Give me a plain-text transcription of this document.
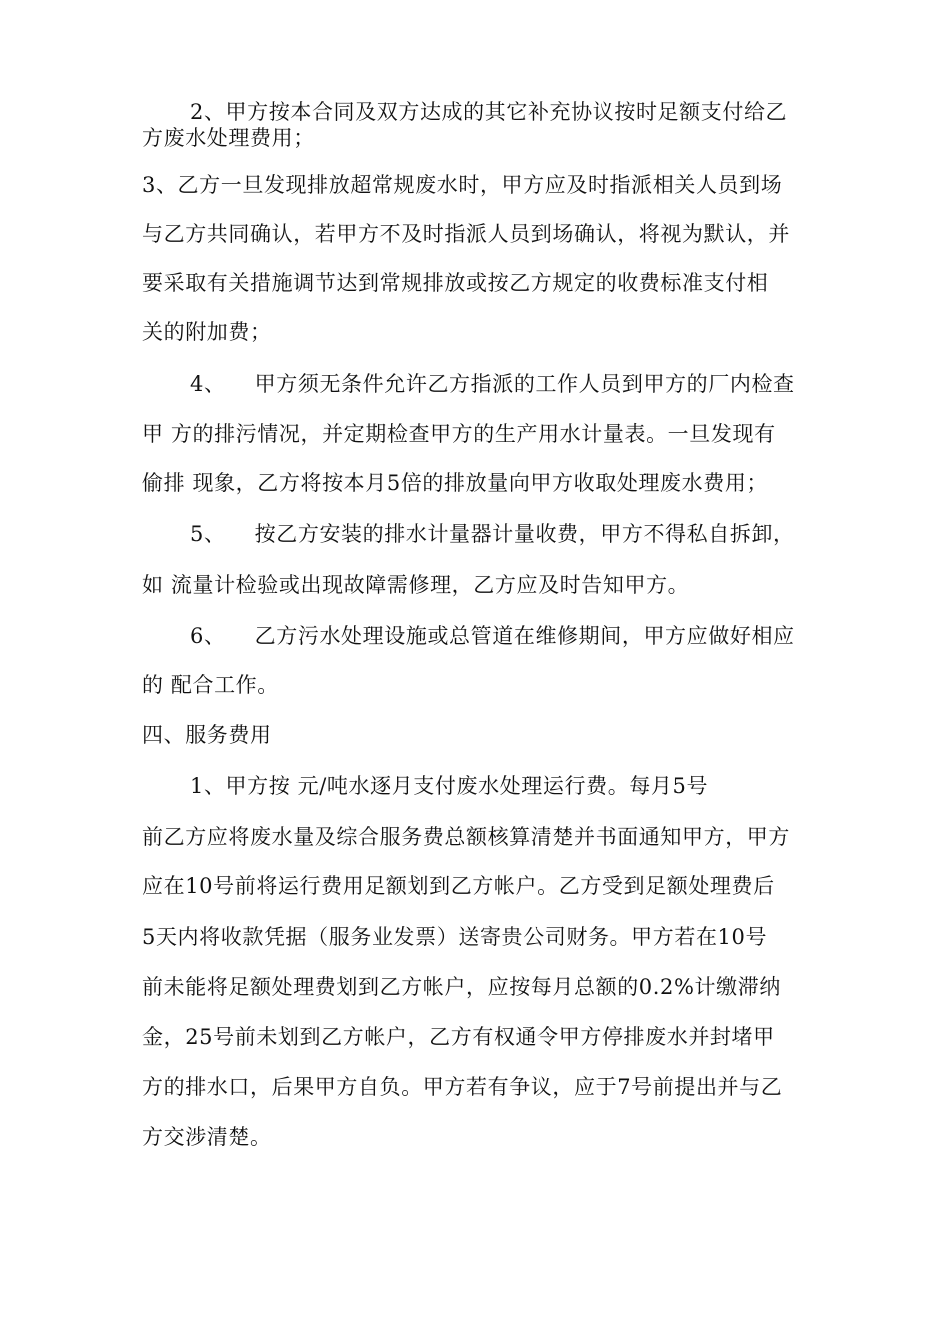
2、甲方按本合同及双方达成的其它补充协议按时足额支付给乙
方废水处理费用；
3、乙方一旦发现排放超常规废水时，甲方应及时指派相关人员到场
与乙方共同确认，若甲方不及时指派人员到场确认，将视为默认，并
要采取有关措施调节达到常规排放或按乙方规定的收费标准支付相
关的附加费；
4、    甲方须无条件允许乙方指派的工作人员到甲方的厂内检查
甲 方的排污情况，并定期检查甲方的生产用水计量表。一旦发现有
偷排 现象，乙方将按本月5倍的排放量向甲方收取处理废水费用；
5、    按乙方安装的排水计量器计量收费，甲方不得私自拆卸，
如 流量计检验或出现故障需修理，乙方应及时告知甲方。
6、    乙方污水处理设施或总管道在维修期间，甲方应做好相应
的 配合工作。
四、服务费用
1、甲方按 元/吨水逐月支付废水处理运行费。每月5号
前乙方应将废水量及综合服务费总额核算清楚并书面通知甲方，甲方
应在10号前将运行费用足额划到乙方帐户。乙方受到足额处理费后
5天内将收款凭据（服务业发票）送寄贵公司财务。甲方若在10号
前未能将足额处理费划到乙方帐户，应按每月总额的0.2%计缴滞纳
金，25号前未划到乙方帐户，乙方有权通令甲方停排废水并封堵甲
方的排水口，后果甲方自负。甲方若有争议，应于7号前提出并与乙
方交涉清楚。
